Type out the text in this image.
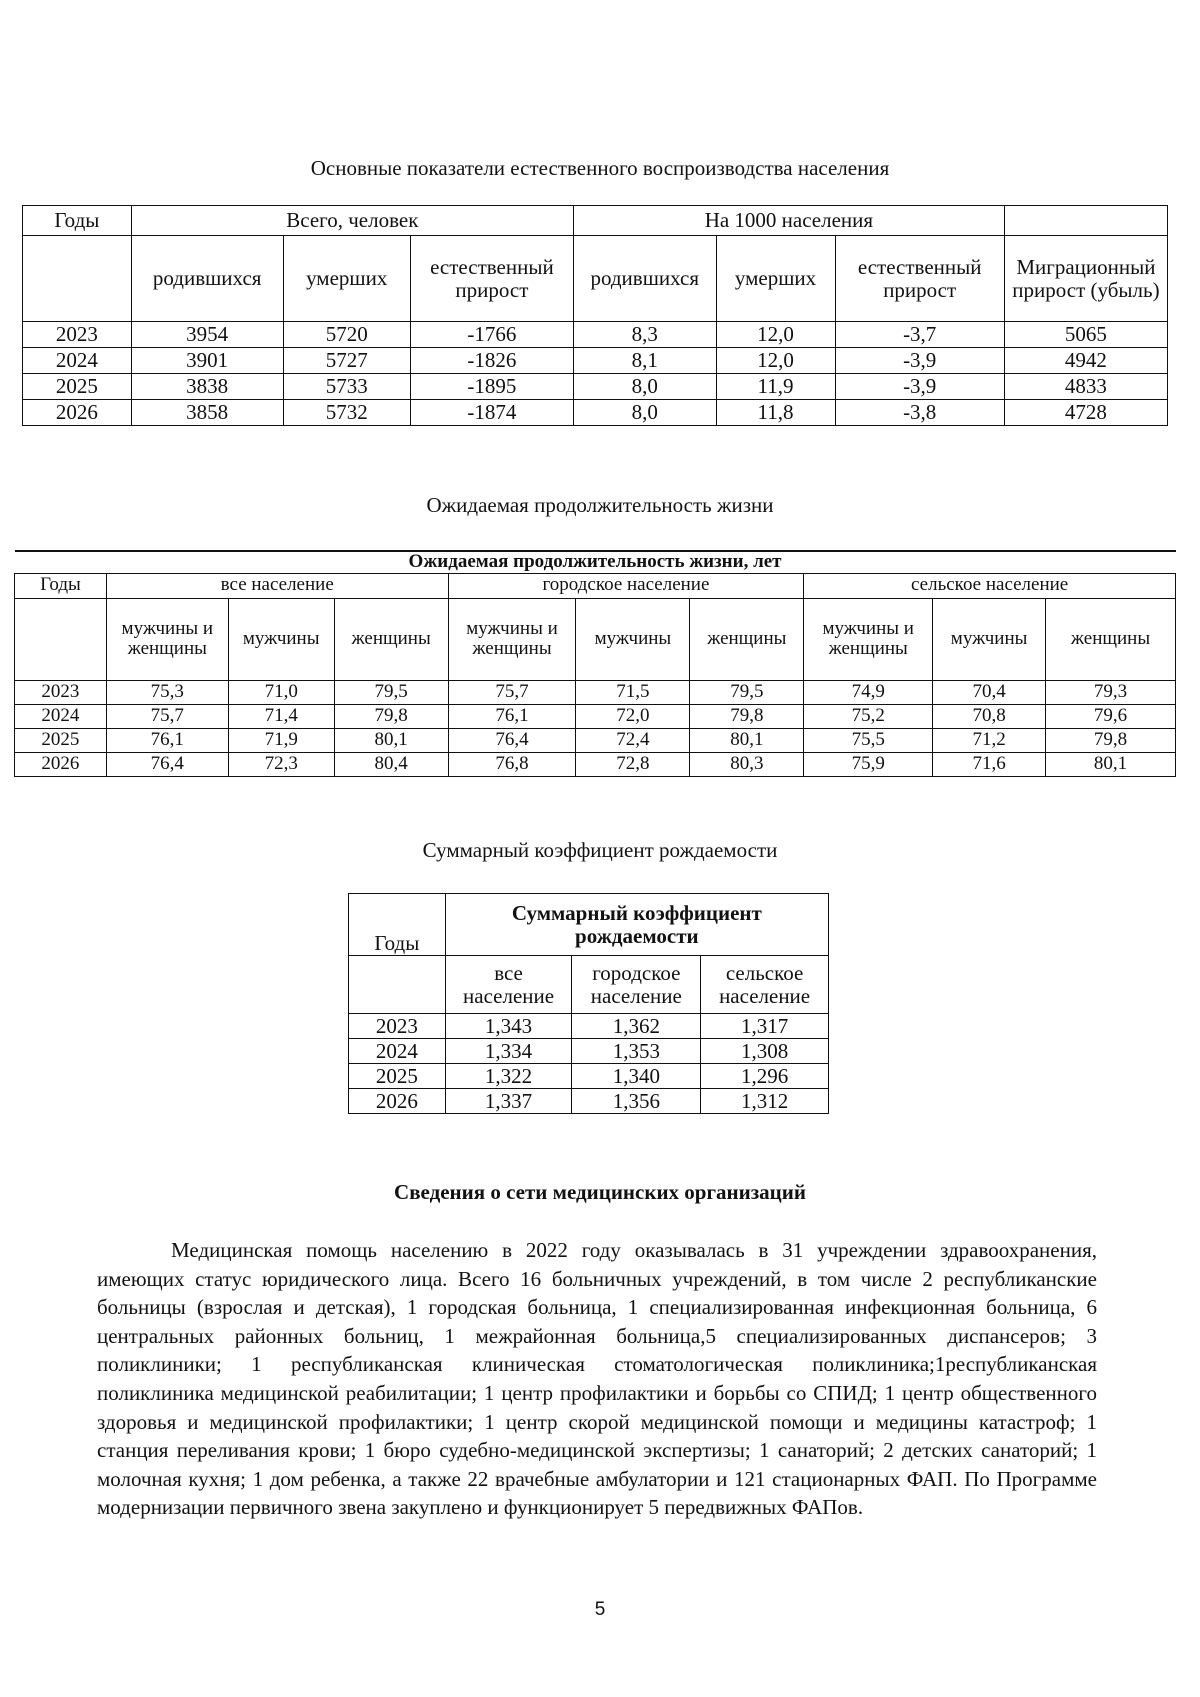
Основные показатели естественного воспроизводства населения
Годы	Всего, человек			На 1000 населения			
	родившихся	умерших	естественный прирост	родившихся	умерших	естественный прирост	Миграционный прирост (убыль)
2023	3954	5720	-1766	8,3	12,0	-3,7	5065
2024	3901	5727	-1826	8,1	12,0	-3,9	4942
2025	3838	5733	-1895	8,0	11,9	-3,9	4833
2026	3858	5732	-1874	8,0	11,8	-3,8	4728
Ожидаемая продолжительность жизни
Ожидаемая продолжительность жизни, лет									
Годы	все население			городское население			сельское население		
	мужчины и женщины	мужчины	женщины	мужчины и женщины	мужчины	женщины	мужчины и женщины	мужчины	женщины
2023	75,3	71,0	79,5	75,7	71,5	79,5	74,9	70,4	79,3
2024	75,7	71,4	79,8	76,1	72,0	79,8	75,2	70,8	79,6
2025	76,1	71,9	80,1	76,4	72,4	80,1	75,5	71,2	79,8
2026	76,4	72,3	80,4	76,8	72,8	80,3	75,9	71,6	80,1
Суммарный коэффициент рождаемости
Годы	Суммарный коэффициент рождаемости		
	все население	городское население	сельское население
2023	1,343	1,362	1,317
2024	1,334	1,353	1,308
2025	1,322	1,340	1,296
2026	1,337	1,356	1,312
Сведения о сети медицинских организаций

Медицинская помощь населению в 2022 году оказывалась в 31 учреждении здравоохранения, имеющих статус юридического лица. Всего 16 больничных учреждений, в том числе 2 республиканские больницы (взрослая и детская), 1 городская больница, 1 специализированная инфекционная больница, 6 центральных районных больниц, 1 межрайонная больница,5 специализированных диспансеров; 3 поликлиники; 1 республиканская клиническая стоматологическая поликлиника;1республиканская поликлиника медицинской реабилитации; 1 центр профилактики и борьбы со СПИД; 1 центр общественного здоровья и медицинской профилактики; 1 центр скорой медицинской помощи и медицины катастроф; 1 станция переливания крови; 1 бюро судебно-медицинской экспертизы; 1 санаторий; 2 детских санаторий; 1 молочная кухня; 1 дом ребенка, а также 22 врачебные амбулатории и 121 стационарных ФАП. По Программе модернизации первичного звена закуплено и функционирует 5 передвижных ФАПов.

5
